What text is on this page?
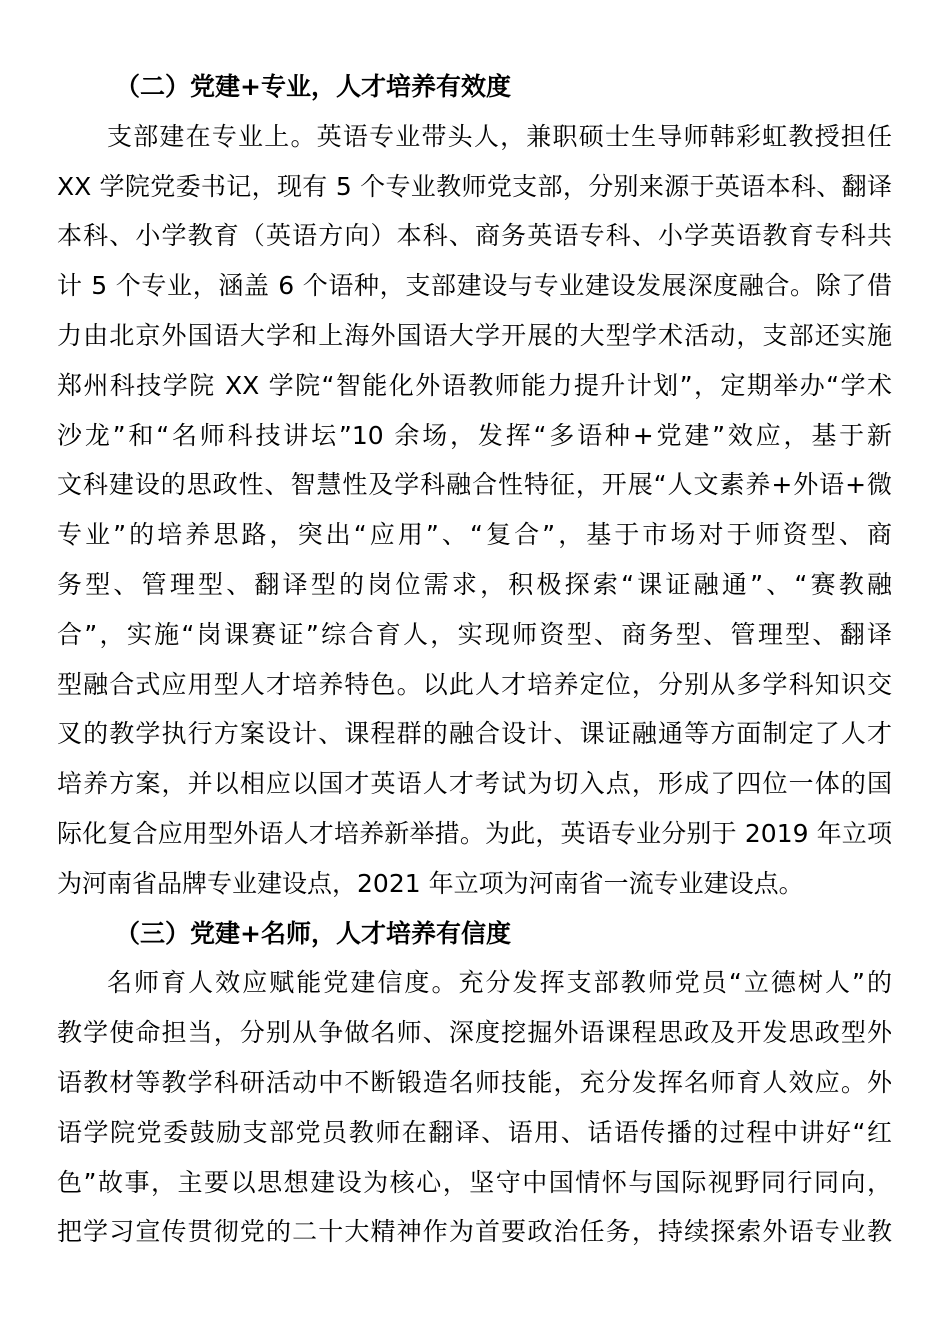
（二）党建+专业，人才培养有效度
支部建在专业上。英语专业带头人，兼职硕士生导师韩彩虹教授担任
XX 学院党委书记，现有 5 个专业教师党支部，分别来源于英语本科、翻译
本科、小学教育（英语方向）本科、商务英语专科、小学英语教育专科共
计 5 个专业，涵盖 6 个语种，支部建设与专业建设发展深度融合。除了借
力由北京外国语大学和上海外国语大学开展的大型学术活动，支部还实施
郑州科技学院 XX 学院“智能化外语教师能力提升计划”，定期举办“学术
沙龙”和“名师科技讲坛”10 余场，发挥“多语种+党建”效应，基于新
文科建设的思政性、智慧性及学科融合性特征，开展“人文素养+外语+微
专业”的培养思路，突出“应用”、“复合”，基于市场对于师资型、商
务型、管理型、翻译型的岗位需求，积极探索“课证融通”、“赛教融
合”，实施“岗课赛证”综合育人，实现师资型、商务型、管理型、翻译
型融合式应用型人才培养特色。以此人才培养定位，分别从多学科知识交
叉的教学执行方案设计、课程群的融合设计、课证融通等方面制定了人才
培养方案，并以相应以国才英语人才考试为切入点，形成了四位一体的国
际化复合应用型外语人才培养新举措。为此，英语专业分别于 2019 年立项
为河南省品牌专业建设点，2021 年立项为河南省一流专业建设点。
（三）党建+名师，人才培养有信度
名师育人效应赋能党建信度。充分发挥支部教师党员“立德树人”的
教学使命担当，分别从争做名师、深度挖掘外语课程思政及开发思政型外
语教材等教学科研活动中不断锻造名师技能，充分发挥名师育人效应。外
语学院党委鼓励支部党员教师在翻译、语用、话语传播的过程中讲好“红
色”故事，主要以思想建设为核心，坚守中国情怀与国际视野同行同向，
把学习宣传贯彻党的二十大精神作为首要政治任务，持续探索外语专业教
